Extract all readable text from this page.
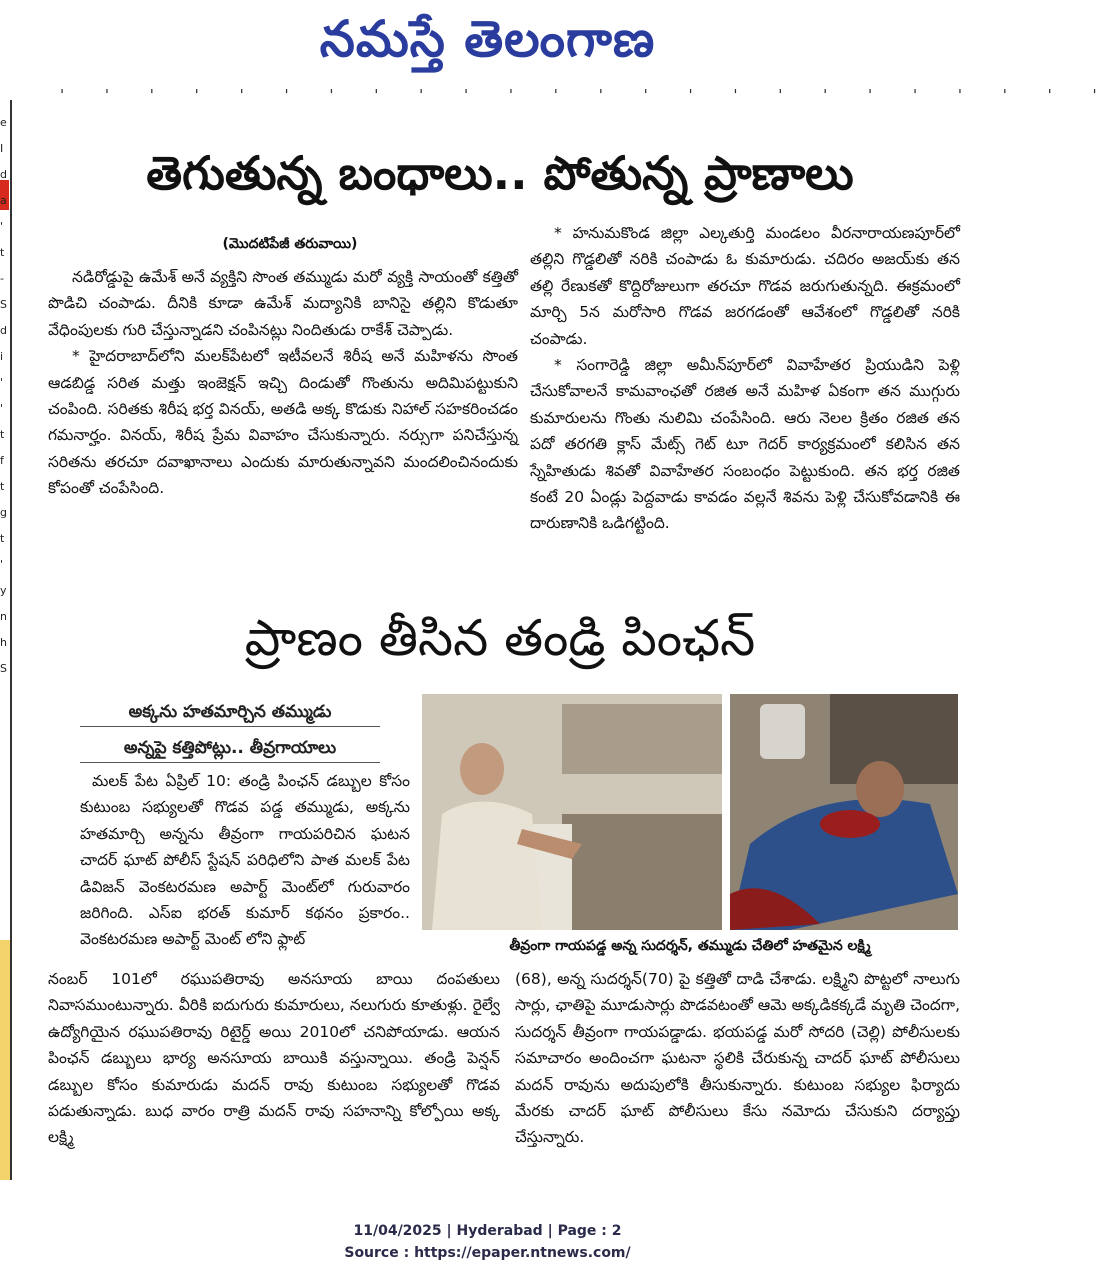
నమస్తే తెలంగాణ
' ' ' ' ' ' ' ' ' ' ' ' ' ' ' ' ' ' ' ' ' ' ' '
e
I
d
a
'
t
-
S
d
i
'
'
t
f
t
g
t
'
y
n
h
S
తెగుతున్న బంధాలు.. పోతున్న ప్రాణాలు
(మొదటిపేజీ తరువాయి)

నడిరోడ్డుపై ఉమేశ్ అనే వ్యక్తిని సొంత తమ్ముడు మరో వ్యక్తి సాయంతో కత్తితో పొడిచి చంపాడు. దీనికి కూడా ఉమేశ్ మద్యానికి బానిసై తల్లిని కొడుతూ వేధింపులకు గురి చేస్తున్నాడని చంపినట్లు నిందితుడు రాకేశ్ చెప్పాడు.

* హైదరాబాద్‌లోని మలక్‌పేటలో ఇటీవలనే శిరీష అనే మహిళను సొంత ఆడబిడ్డ సరిత మత్తు ఇంజెక్షన్ ఇచ్చి దిండుతో గొంతును అదిమిపట్టుకుని చంపింది. సరితకు శిరీష భర్త వినయ్, అతడి అక్క కొడుకు నిహాల్ సహకరించడం గమనార్హం. వినయ్, శిరీష ప్రేమ వివాహం చేసుకున్నారు. నర్సుగా పనిచేస్తున్న సరితను తరచూ దవాఖానాలు ఎందుకు మారుతున్నావని మందలించినందుకు కోపంతో చంపేసింది.

* హనుమకొండ జిల్లా ఎల్కతుర్తి మండలం వీరనారాయణపూర్‌లో తల్లిని గొడ్డలితో నరికి చంపాడు ఓ కుమారుడు. చదిరం అజయ్‌కు తన తల్లి రేణుకతో కొద్దిరోజులుగా తరచూ గొడవ జరుగుతున్నది. ఈక్రమంలో మార్చి 5న మరోసారి గొడవ జరగడంతో ఆవేశంలో గొడ్డలితో నరికి చంపాడు.

* సంగారెడ్డి జిల్లా అమీన్‌పూర్‌లో వివాహేతర ప్రియుడిని పెళ్లి చేసుకోవాలనే కామవాంఛతో రజిత అనే మహిళ ఏకంగా తన ముగ్గురు కుమారులను గొంతు నులిమి చంపేసింది. ఆరు నెలల క్రితం రజిత తన పదో తరగతి క్లాస్ మేట్స్ గెట్ టూ గెదర్ కార్యక్రమంలో కలిసిన తన స్నేహితుడు శివతో వివాహేతర సంబంధం పెట్టుకుంది. తన భర్త రజిత కంటే 20 ఏండ్లు పెద్దవాడు కావడం వల్లనే శివను పెళ్లి చేసుకోవడానికి ఈ దారుణానికి ఒడిగట్టింది.

ప్రాణం తీసిన తండ్రి పింఛన్
అక్కను హతమార్చిన తమ్ముడు
అన్నపై కత్తిపోట్లు.. తీవ్రగాయాలు

మలక్ పేట ఏప్రిల్ 10: తండ్రి పింఛన్ డబ్బుల కోసం కుటుంబ సభ్యులతో గొడవ పడ్డ తమ్ముడు, అక్కను హతమార్చి అన్నను తీవ్రంగా గాయపరిచిన ఘటన చాదర్ ఘాట్ పోలీస్ స్టేషన్ పరిధిలోని పాత మలక్ పేట డివిజన్ వెంకటరమణ అపార్ట్ మెంట్‌లో గురువారం జరిగింది. ఎస్ఐ భరత్ కుమార్ కథనం ప్రకారం.. వెంకటరమణ అపార్ట్ మెంట్ లోని ఫ్లాట్	తీవ్రంగా గాయపడ్డ అన్న సుదర్శన్, తమ్ముడు చేతిలో హతమైన లక్ష్మి

నంబర్ 101లో రఘుపతిరావు అనసూయ బాయి దంపతులు నివాసముంటున్నారు. వీరికి ఐదుగురు కుమారులు, నలుగురు కూతుళ్లు. రైల్వే ఉద్యోగియైన రఘుపతిరావు రిటైర్డ్ అయి 2010లో చనిపోయాడు. ఆయన పింఛన్ డబ్బులు భార్య అనసూయ బాయికి వస్తున్నాయి. తండ్రి పెన్షన్ డబ్బుల కోసం కుమారుడు మదన్ రావు కుటుంబ సభ్యులతో గొడవ పడుతున్నాడు. బుధ వారం రాత్రి మదన్ రావు సహనాన్ని కోల్పోయి అక్క లక్ష్మి

(68), అన్న సుదర్శన్(70) పై కత్తితో దాడి చేశాడు. లక్ష్మిని పొట్టలో నాలుగు సార్లు, ఛాతిపై మూడుసార్లు పొడవటంతో ఆమె అక్కడికక్కడే మృతి చెందగా, సుదర్శన్ తీవ్రంగా గాయపడ్డాడు. భయపడ్డ మరో సోదరి (చెల్లి) పోలీసులకు సమాచారం అందించగా ఘటనా స్థలికి చేరుకున్న చాదర్ ఘాట్ పోలీసులు మదన్ రావును అదుపులోకి తీసుకున్నారు. కుటుంబ సభ్యుల ఫిర్యాదు మేరకు చాదర్ ఘాట్ పోలీసులు కేసు నమోదు చేసుకుని దర్యాప్తు చేస్తున్నారు.

11/04/2025 | Hyderabad | Page : 2
Source : https://epaper.ntnews.com/
